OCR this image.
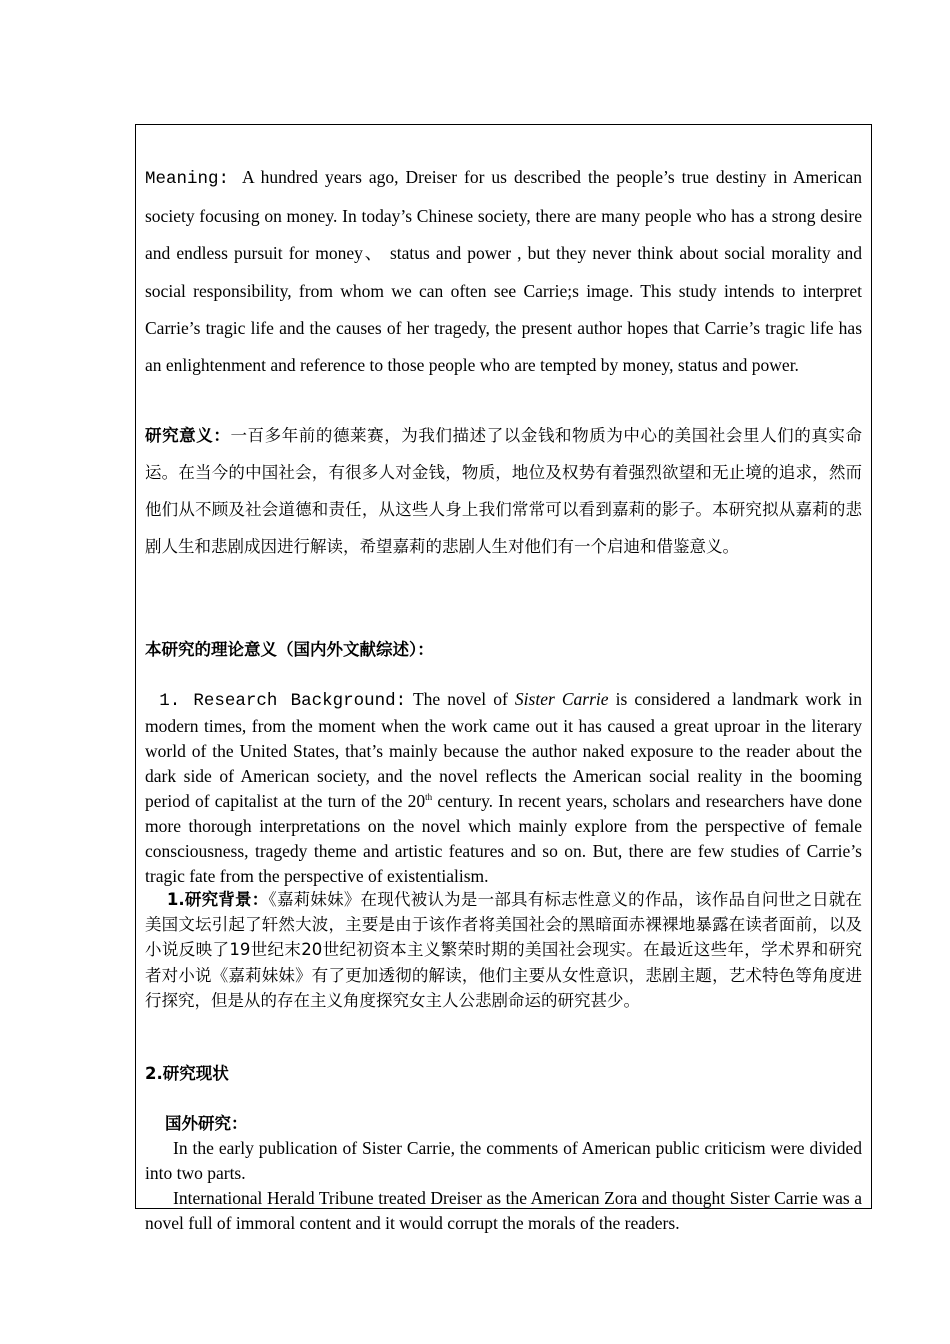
Meaning: A hundred years ago, Dreiser for us described the people’s true destiny in American society focusing on money. In today’s Chinese society, there are many people who has a strong desire and endless pursuit for money、 status and power , but they never think about social morality and social responsibility, from whom we can often see Carrie;s image. This study intends to interpret Carrie’s tragic life and the causes of her tragedy, the present author hopes that Carrie’s tragic life has an enlightenment and reference to those people who are tempted by money, status and power.

研究意义：一百多年前的德莱赛，为我们描述了以金钱和物质为中心的美国社会里人们的真实命运。在当今的中国社会，有很多人对金钱，物质，地位及权势有着强烈欲望和无止境的追求，然而他们从不顾及社会道德和责任，从这些人身上我们常常可以看到嘉莉的影子。本研究拟从嘉莉的悲剧人生和悲剧成因进行解读，希望嘉莉的悲剧人生对他们有一个启迪和借鉴意义。

本研究的理论意义（国内外文献综述）：

1. Research Background: The novel of Sister Carrie is considered a landmark work in modern times, from the moment when the work came out it has caused a great uproar in the literary world of the United States, that’s mainly because the author naked exposure to the reader about the dark side of American society, and the novel reflects the American social reality in the booming period of capitalist at the turn of the 20th century. In recent years, scholars and researchers have done more thorough interpretations on the novel which mainly explore from the perspective of female consciousness, tragedy theme and artistic features and so on. But, there are few studies of Carrie’s tragic fate from the perspective of existentialism.

1.研究背景：《嘉莉妹妹》在现代被认为是一部具有标志性意义的作品，该作品自问世之日就在美国文坛引起了轩然大波，主要是由于该作者将美国社会的黑暗面赤裸裸地暴露在读者面前，以及小说反映了19世纪末20世纪初资本主义繁荣时期的美国社会现实。在最近这些年，学术界和研究者对小说《嘉莉妹妹》有了更加透彻的解读，他们主要从女性意识，悲剧主题，艺术特色等角度进行探究，但是从的存在主义角度探究女主人公悲剧命运的研究甚少。

2.研究现状

国外研究：

In the early publication of Sister Carrie, the comments of American public criticism were divided into two parts.

International Herald Tribune treated Dreiser as the American Zora and thought Sister Carrie was a novel full of immoral content and it would corrupt the morals of the readers.
